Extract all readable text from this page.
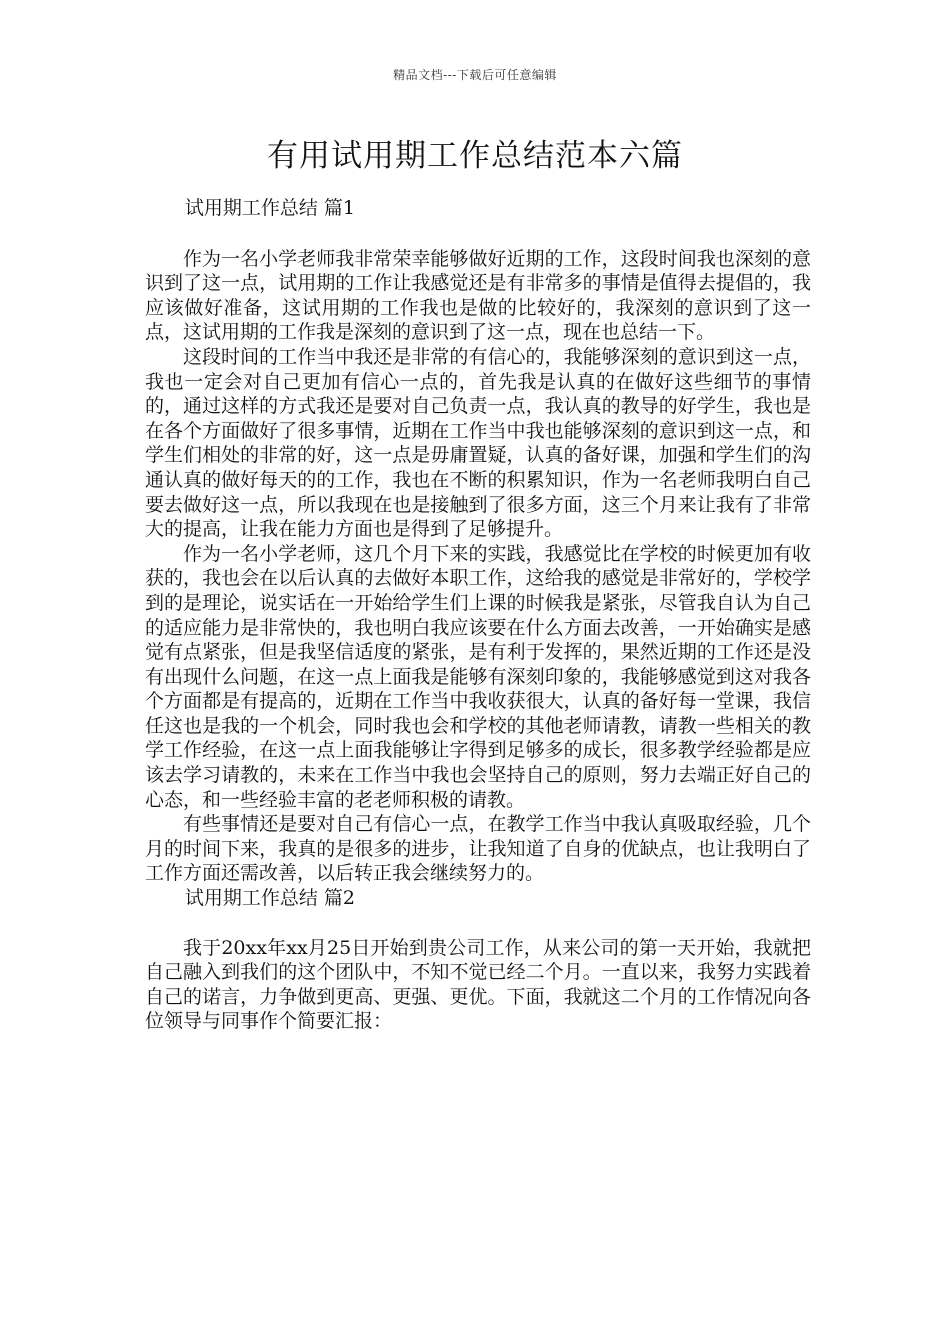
精品文档---下载后可任意编辑
有用试用期工作总结范本六篇
试用期工作总结 篇1

作为一名小学老师我非常荣幸能够做好近期的工作，这段时间我也深刻的意识到了这一点，试用期的工作让我感觉还是有非常多的事情是值得去提倡的，我应该做好准备，这试用期的工作我也是做的比较好的，我深刻的意识到了这一点，这试用期的工作我是深刻的意识到了这一点，现在也总结一下。

这段时间的工作当中我还是非常的有信心的，我能够深刻的意识到这一点，我也一定会对自己更加有信心一点的，首先我是认真的在做好这些细节的事情的，通过这样的方式我还是要对自己负责一点，我认真的教导的好学生，我也是在各个方面做好了很多事情，近期在工作当中我也能够深刻的意识到这一点，和学生们相处的非常的好，这一点是毋庸置疑，认真的备好课，加强和学生们的沟通认真的做好每天的的工作，我也在不断的积累知识，作为一名老师我明白自己要去做好这一点，所以我现在也是接触到了很多方面，这三个月来让我有了非常大的提高，让我在能力方面也是得到了足够提升。

作为一名小学老师，这几个月下来的实践，我感觉比在学校的时候更加有收获的，我也会在以后认真的去做好本职工作，这给我的感觉是非常好的，学校学到的是理论，说实话在一开始给学生们上课的时候我是紧张，尽管我自认为自己的适应能力是非常快的，我也明白我应该要在什么方面去改善，一开始确实是感觉有点紧张，但是我坚信适度的紧张，是有利于发挥的，果然近期的工作还是没有出现什么问题，在这一点上面我是能够有深刻印象的，我能够感觉到这对我各个方面都是有提高的，近期在工作当中我收获很大，认真的备好每一堂课，我信任这也是我的一个机会，同时我也会和学校的其他老师请教，请教一些相关的教学工作经验，在这一点上面我能够让字得到足够多的成长，很多教学经验都是应该去学习请教的，未来在工作当中我也会坚持自己的原则，努力去端正好自己的心态，和一些经验丰富的老老师积极的请教。

有些事情还是要对自己有信心一点，在教学工作当中我认真吸取经验，几个月的时间下来，我真的是很多的进步，让我知道了自身的优缺点，也让我明白了工作方面还需改善，以后转正我会继续努力的。

试用期工作总结 篇2

我于20xx年xx月25日开始到贵公司工作，从来公司的第一天开始，我就把自己融入到我们的这个团队中，不知不觉已经二个月。一直以来，我努力实践着自己的诺言，力争做到更高、更强、更优。下面，我就这二个月的工作情况向各位领导与同事作个简要汇报：
